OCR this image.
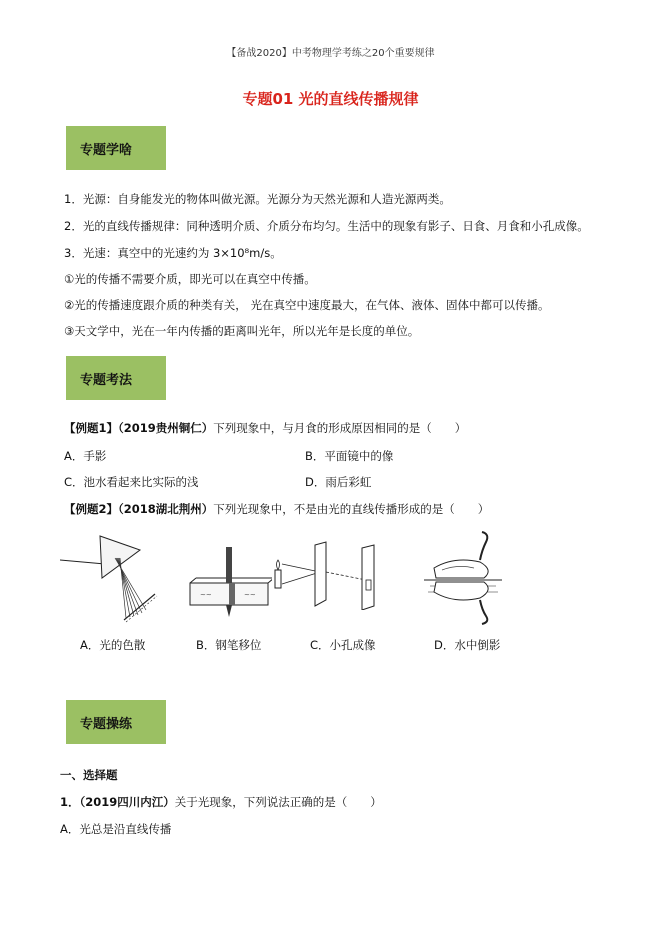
【备战2020】中考物理学考练之20个重要规律
专题01 光的直线传播规律
专题学啥
1．光源：自身能发光的物体叫做光源。光源分为天然光源和人造光源两类。
2．光的直线传播规律：同种透明介质、介质分布均匀。生活中的现象有影子、日食、月食和小孔成像。
3．光速：真空中的光速约为 3×10⁸m/s。
①光的传播不需要介质，即光可以在真空中传播。
②光的传播速度跟介质的种类有关， 光在真空中速度最大，在气体、液体、固体中都可以传播。
③天文学中，光在一年内传播的距离叫光年，所以光年是长度的单位。
专题考法
【例题1】（2019贵州铜仁）下列现象中，与月食的形成原因相同的是（　　）
A．手影	B．平面镜中的像
C．池水看起来比实际的浅	D．雨后彩虹
【例题2】（2018湖北荆州）下列光现象中，不是由光的直线传播形成的是（　　）
~~	~~
A．光的色散	B．钢笔移位	C．小孔成像	D．水中倒影
专题操练
一、选择题
1．（2019四川内江）关于光现象，下列说法正确的是（　　）
A．光总是沿直线传播
